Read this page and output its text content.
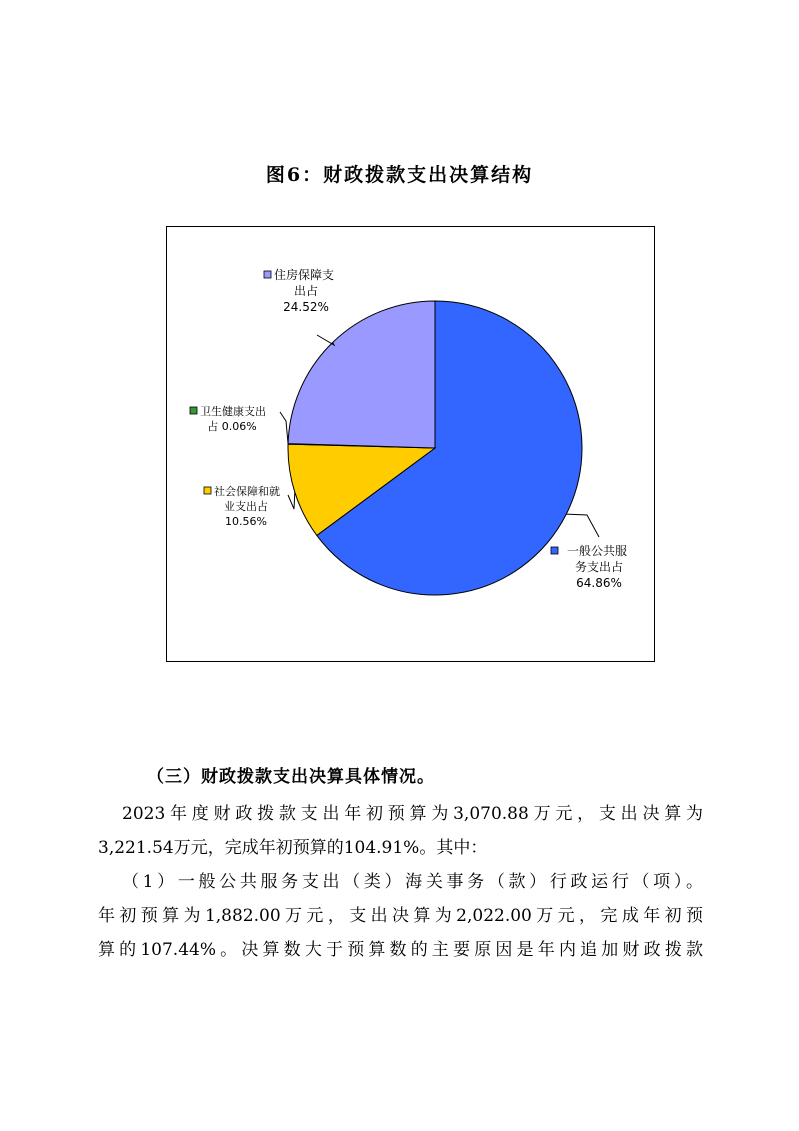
图6：财政拨款支出决算结构
一般公共服
务支出占
64.86%
社会保障和就
业支出占
10.56%
卫生健康支出
占 0.06%
住房保障支
出占
24.52%
（三）财政拨款支出决算具体情况。
2023年度财政拨款支出年初预算为3,070.88万元，支出决算为
3,221.54万元，完成年初预算的104.91%。其中：
（1）一般公共服务支出（类）海关事务（款）行政运行（项）。
年初预算为1,882.00万元，支出决算为2,022.00万元，完成年初预
算的107.44%。决算数大于预算数的主要原因是年内追加财政拨款
